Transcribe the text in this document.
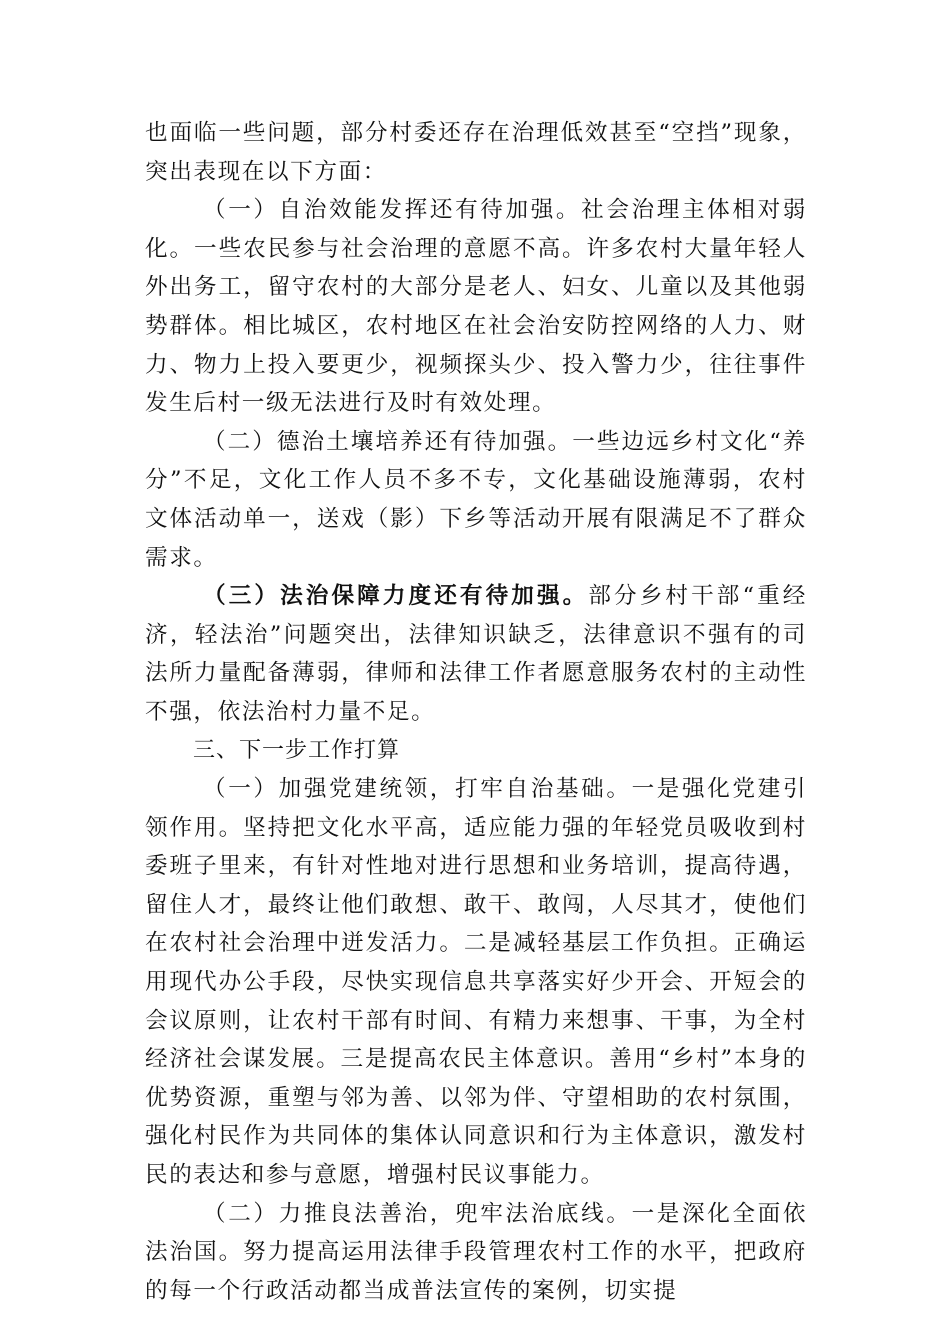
也面临一些问题，部分村委还存在治理低效甚至“空挡”现象，突出表现在以下方面：

（一）自治效能发挥还有待加强。社会治理主体相对弱化。一些农民参与社会治理的意愿不高。许多农村大量年轻人外出务工，留守农村的大部分是老人、妇女、儿童以及其他弱势群体。相比城区，农村地区在社会治安防控网络的人力、财力、物力上投入要更少，视频探头少、投入警力少，往往事件发生后村一级无法进行及时有效处理。

（二）德治土壤培养还有待加强。一些边远乡村文化“养分”不足，文化工作人员不多不专，文化基础设施薄弱，农村文体活动单一，送戏（影）下乡等活动开展有限满足不了群众需求。

（三）法治保障力度还有待加强。部分乡村干部“重经济，轻法治”问题突出，法律知识缺乏，法律意识不强有的司法所力量配备薄弱，律师和法律工作者愿意服务农村的主动性不强，依法治村力量不足。

三、下一步工作打算

（一）加强党建统领，打牢自治基础。一是强化党建引领作用。坚持把文化水平高，适应能力强的年轻党员吸收到村委班子里来，有针对性地对进行思想和业务培训，提高待遇，留住人才，最终让他们敢想、敢干、敢闯，人尽其才，使他们在农村社会治理中迸发活力。二是减轻基层工作负担。正确运用现代办公手段，尽快实现信息共享落实好少开会、开短会的会议原则，让农村干部有时间、有精力来想事、干事，为全村经济社会谋发展。三是提高农民主体意识。善用“乡村”本身的优势资源，重塑与邻为善、以邻为伴、守望相助的农村氛围，强化村民作为共同体的集体认同意识和行为主体意识，激发村民的表达和参与意愿，增强村民议事能力。

（二）力推良法善治，兜牢法治底线。一是深化全面依法治国。努力提高运用法律手段管理农村工作的水平，把政府的每一个行政活动都当成普法宣传的案例，切实提
